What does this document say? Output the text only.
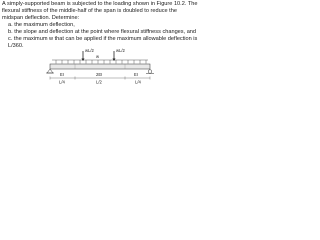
A simply-supported beam is subjected to the loading shown in Figure 10.2. The flexural stiffness of the middle-half of the span is doubled to reduce the midspan deflection. Determine:

a. the maximum deflection,
b. the slope and deflection at the point where flexural stiffness changes, and
c. the maximum w that can be applied if the maximum allowable deflection is L/360.
wL/2	wL/2
w
EI	2EI	EI
L/4	L/2	L/4
